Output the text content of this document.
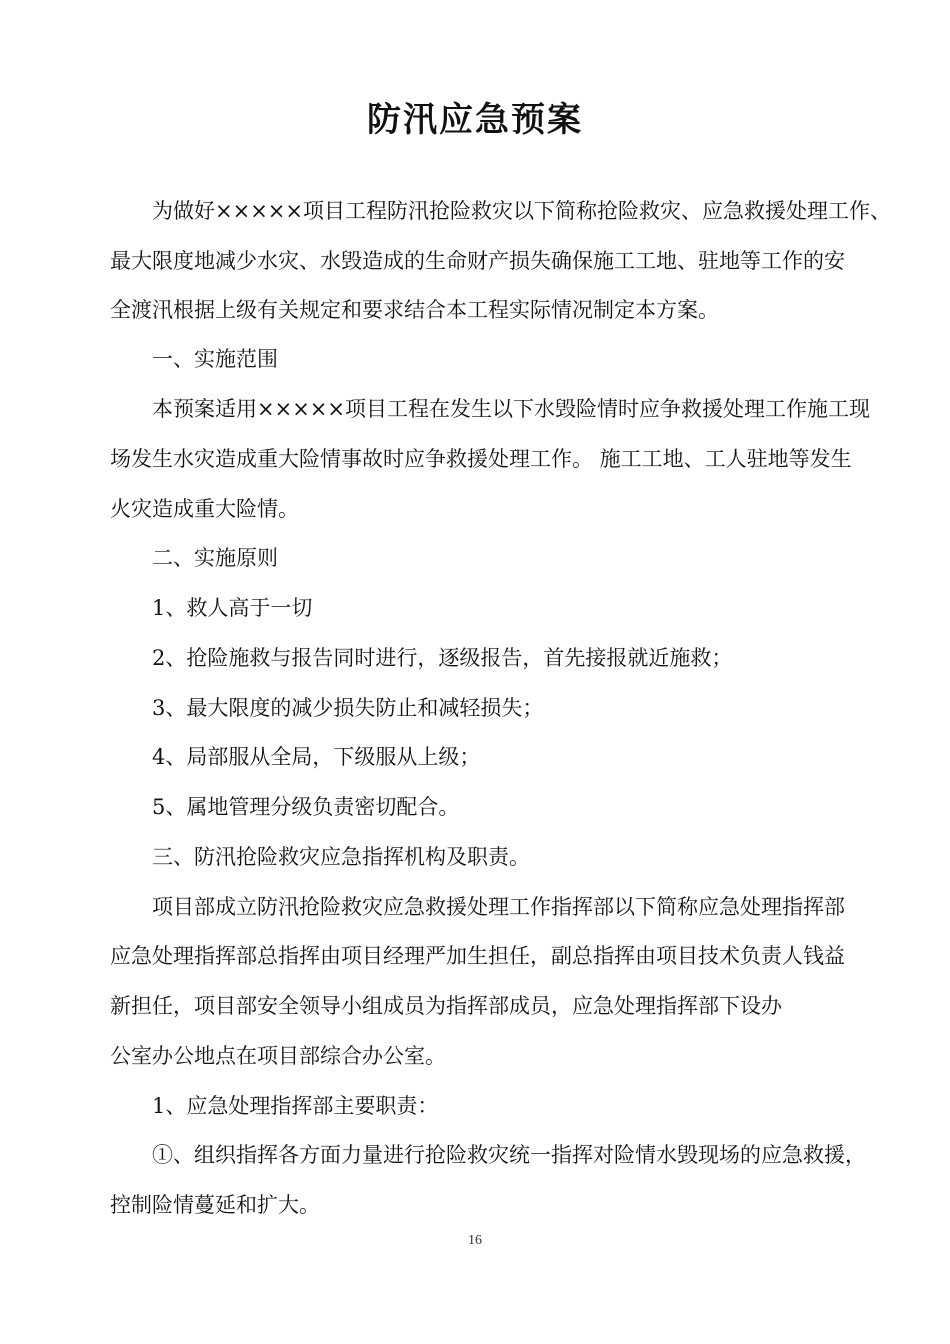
防汛应急预案
为做好×××××项目工程防汛抢险救灾以下简称抢险救灾、应急救援处理工作、
最大限度地减少水灾、水毁造成的生命财产损失确保施工工地、驻地等工作的安
全渡汛根据上级有关规定和要求结合本工程实际情况制定本方案。
一、实施范围
本预案适用×××××项目工程在发生以下水毁险情时应争救援处理工作施工现
场发生水灾造成重大险情事故时应争救援处理工作。 施工工地、工人驻地等发生
火灾造成重大险情。
二、实施原则
1、救人高于一切
2、抢险施救与报告同时进行，逐级报告，首先接报就近施救；
3、最大限度的减少损失防止和减轻损失；
4、局部服从全局，下级服从上级；
5、属地管理分级负责密切配合。
三、防汛抢险救灾应急指挥机构及职责。
项目部成立防汛抢险救灾应急救援处理工作指挥部以下简称应急处理指挥部
应急处理指挥部总指挥由项目经理严加生担任，副总指挥由项目技术负责人钱益
新担任，项目部安全领导小组成员为指挥部成员，应急处理指挥部下设办
公室办公地点在项目部综合办公室。
1、应急处理指挥部主要职责：
①、组织指挥各方面力量进行抢险救灾统一指挥对险情水毁现场的应急救援，
控制险情蔓延和扩大。
16
